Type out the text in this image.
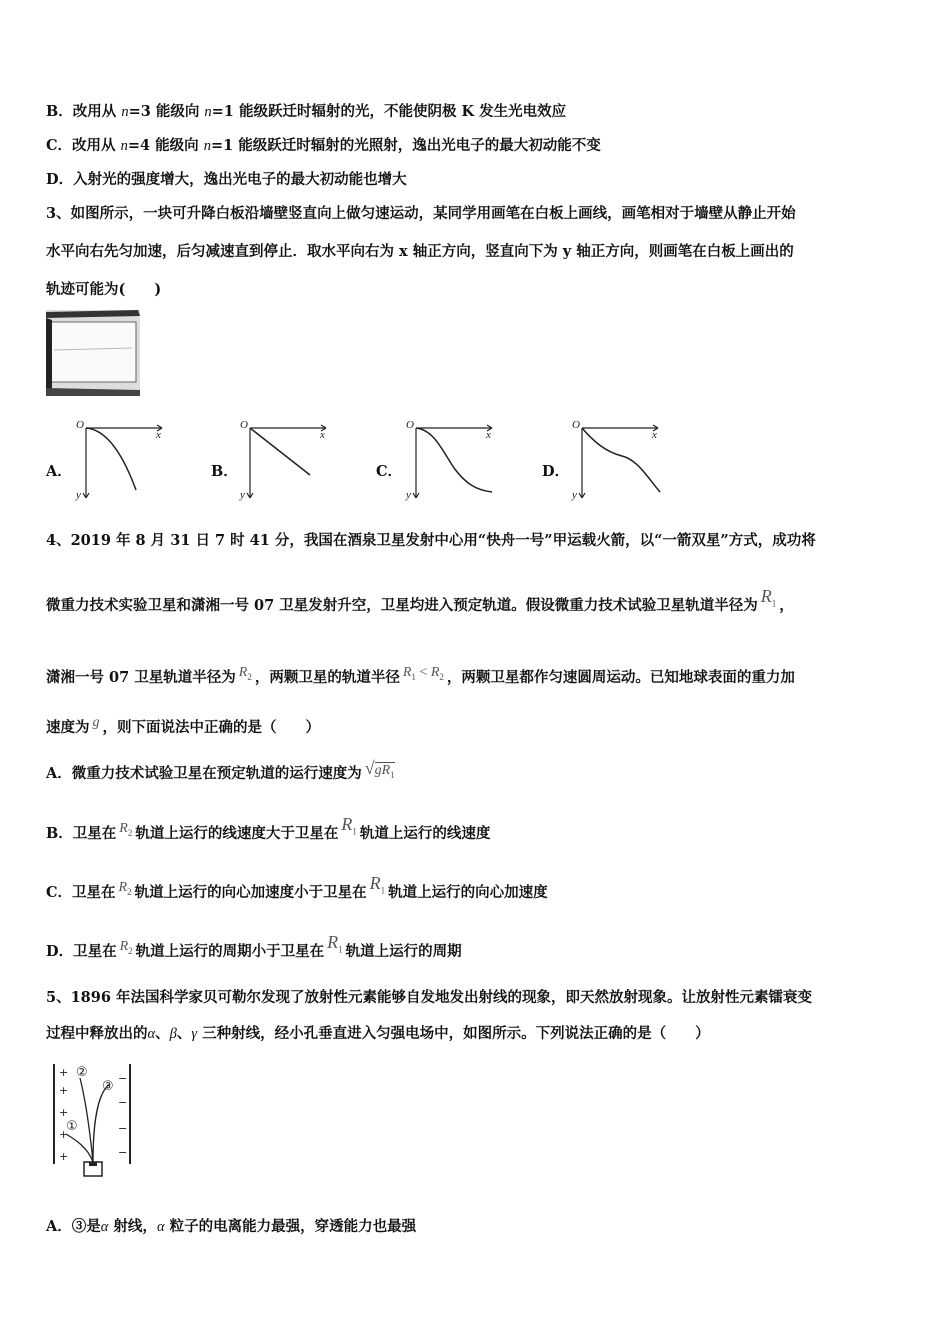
B．改用从 n=3 能级向 n=1 能级跃迁时辐射的光，不能使阴极 K 发生光电效应
C．改用从 n=4 能级向 n=1 能级跃迁时辐射的光照射，逸出光电子的最大初动能不变
D．入射光的强度增大，逸出光电子的最大初动能也增大
3、如图所示，一块可升降白板沿墙壁竖直向上做匀速运动，某同学用画笔在白板上画线，画笔相对于墙壁从静止开始
水平向右先匀加速，后匀减速直到停止．取水平向右为 x 轴正方向，竖直向下为 y 轴正方向，则画笔在白板上画出的
轨迹可能为(　　)
A．
O
x
y
B．
O
x
y
C．
O
x
y
D．
O
x
y
4、2019 年 8 月 31 日 7 时 41 分，我国在酒泉卫星发射中心用“快舟一号”甲运载火箭，以“一箭双星”方式，成功将
微重力技术实验卫星和潇湘一号 07 卫星发射升空，卫星均进入预定轨道。假设微重力技术试验卫星轨道半径为 $R_1$ ，
潇湘一号 07 卫星轨道半径为 $R_2$ ，两颗卫星的轨道半径 $R_1 < R_2$ ，两颗卫星都作匀速圆周运动。已知地球表面的重力加
速度为 g ，则下面说法中正确的是（　　）
A．微重力技术试验卫星在预定轨道的运行速度为 $√gR_1$
B．卫星在 $R_2$ 轨道上运行的线速度大于卫星在 $R_1$ 轨道上运行的线速度
C．卫星在 $R_2$ 轨道上运行的向心加速度小于卫星在 $R_1$ 轨道上运行的向心加速度
D．卫星在 $R_2$ 轨道上运行的周期小于卫星在 $R_1$ 轨道上运行的周期
5、1896 年法国科学家贝可勒尔发现了放射性元素能够自发地发出射线的现象，即天然放射现象。让放射性元素镭衰变
过程中释放出的α、β、γ 三种射线，经小孔垂直进入匀强电场中，如图所示。下列说法正确的是（　　）
+
+
+
+
+
−
−
−
−
②
③
①
A．③是α 射线，α 粒子的电离能力最强，穿透能力也最强
